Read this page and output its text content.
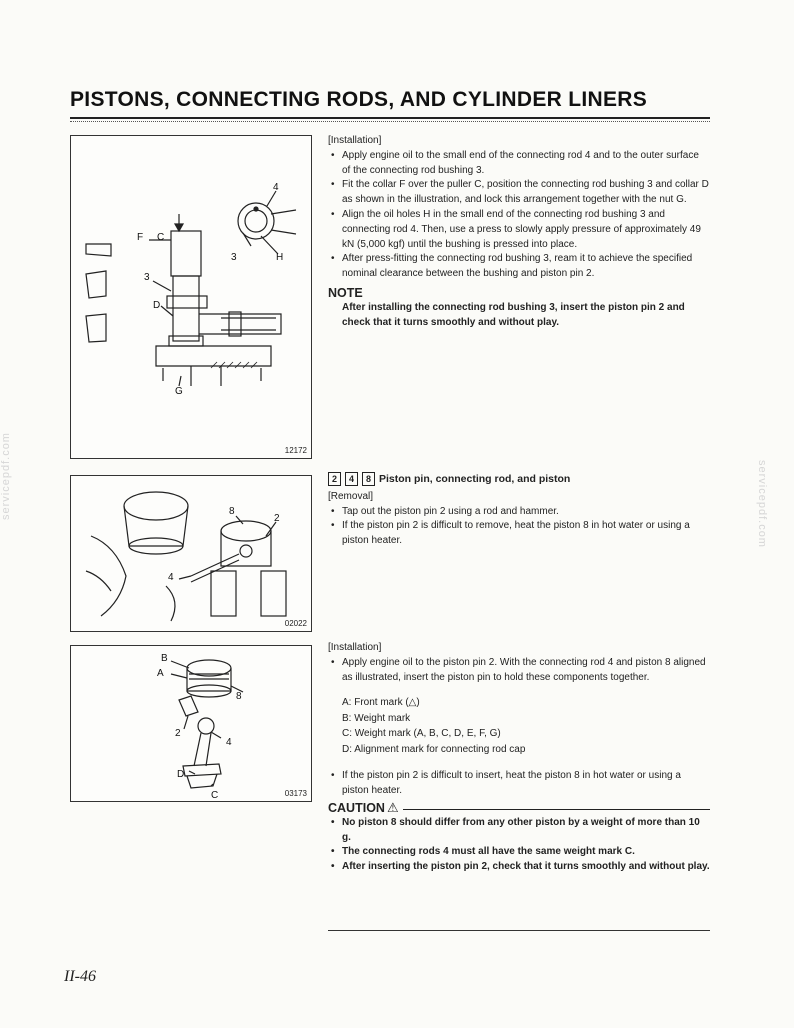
PISTONS, CONNECTING RODS, AND CYLINDER LINERS
4
C
F
3
H
3
D
G
12172
8
2
4
02022
B
A
8
2
4
D
C	03173
[Installation]
• Apply engine oil to the small end of the connecting rod 4 and to the outer surface of the connecting rod bushing 3.
• Fit the collar F over the puller C, position the connecting rod bushing 3 and collar D as shown in the illustration, and lock this arrangement together with the nut G.
• Align the oil holes H in the small end of the connecting rod bushing 3 and connecting rod 4. Then, use a press to slowly apply pressure of approximately 49 kN (5,000 kgf) until the bushing is pressed into place.
• After press-fitting the connecting rod bushing 3, ream it to achieve the specified nominal clearance between the bushing and piston pin 2.
NOTE
After installing the connecting rod bushing 3, insert the piston pin 2 and check that it turns smoothly and without play.
2	4	8 Piston pin, connecting rod, and piston
[Removal]
• Tap out the piston pin 2 using a rod and hammer.
• If the piston pin 2 is difficult to remove, heat the piston 8 in hot water or using a piston heater.
[Installation]
• Apply engine oil to the piston pin 2. With the connecting rod 4 and piston 8 aligned as illustrated, insert the piston pin to hold these components together.
A: Front mark (△)
B: Weight mark
C: Weight mark (A, B, C, D, E, F, G)
D: Alignment mark for connecting rod cap
• If the piston pin 2 is difficult to insert, heat the piston 8 in hot water or using a piston heater.
CAUTION ⚠
• No piston 8 should differ from any other piston by a weight of more than 10 g.
• The connecting rods 4 must all have the same weight mark C.
• After inserting the piston pin 2, check that it turns smoothly and without play.
II-46
servicepdf.com	servicepdf.com
